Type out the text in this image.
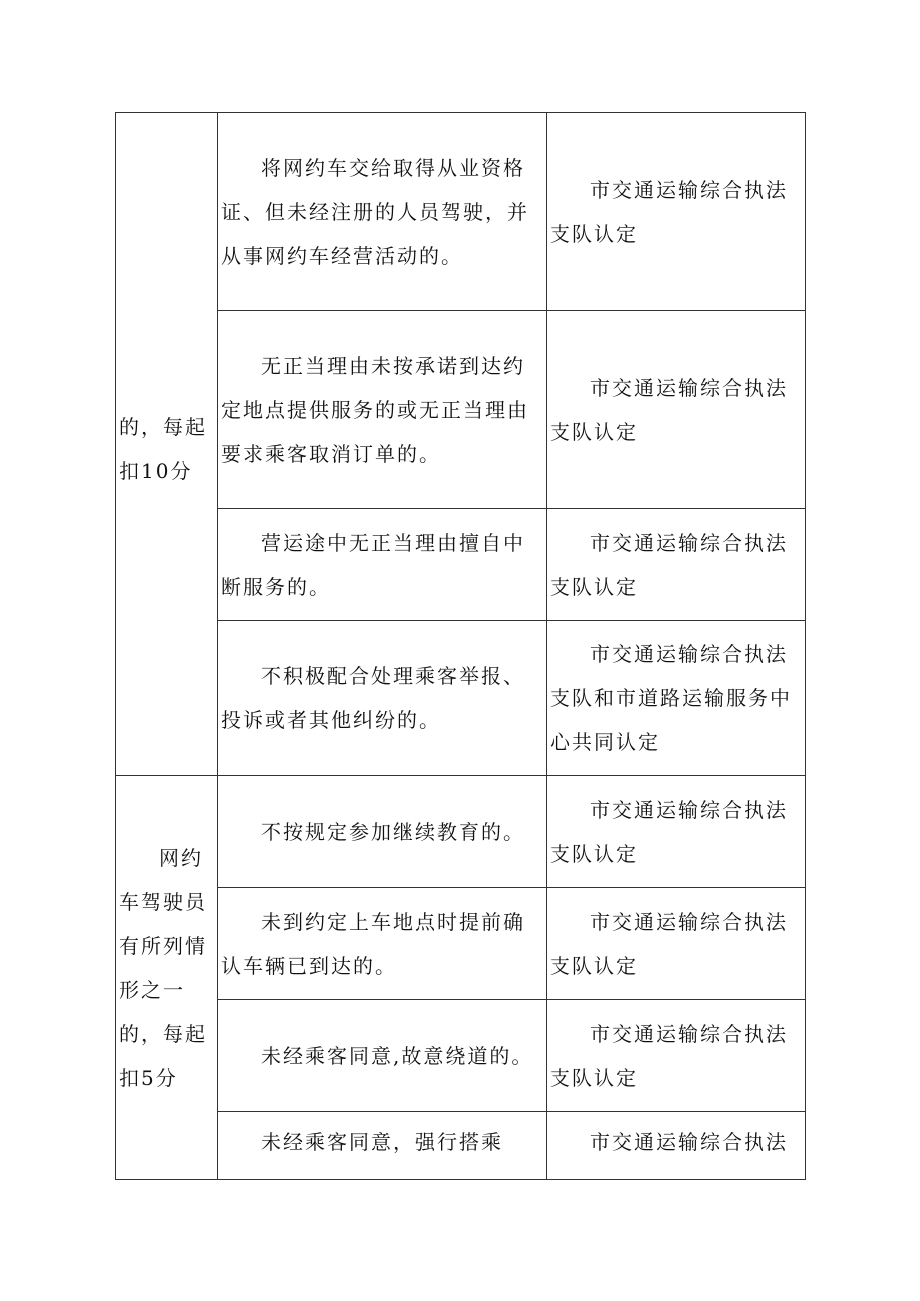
的，每起扣10分	将网约车交给取得从业资格证、但未经注册的人员驾驶，并从事网约车经营活动的。	市交通运输综合执法支队认定
	无正当理由未按承诺到达约定地点提供服务的或无正当理由要求乘客取消订单的。	市交通运输综合执法支队认定
	营运途中无正当理由擅自中断服务的。	市交通运输综合执法支队认定
	不积极配合处理乘客举报、投诉或者其他纠纷的。	市交通运输综合执法支队和市道路运输服务中心共同认定
网约车驾驶员有所列情形之一的，每起扣5分	不按规定参加继续教育的。	市交通运输综合执法支队认定
	未到约定上车地点时提前确认车辆已到达的。	市交通运输综合执法支队认定
	未经乘客同意,故意绕道的。	市交通运输综合执法支队认定
	未经乘客同意，强行搭乘	市交通运输综合执法
